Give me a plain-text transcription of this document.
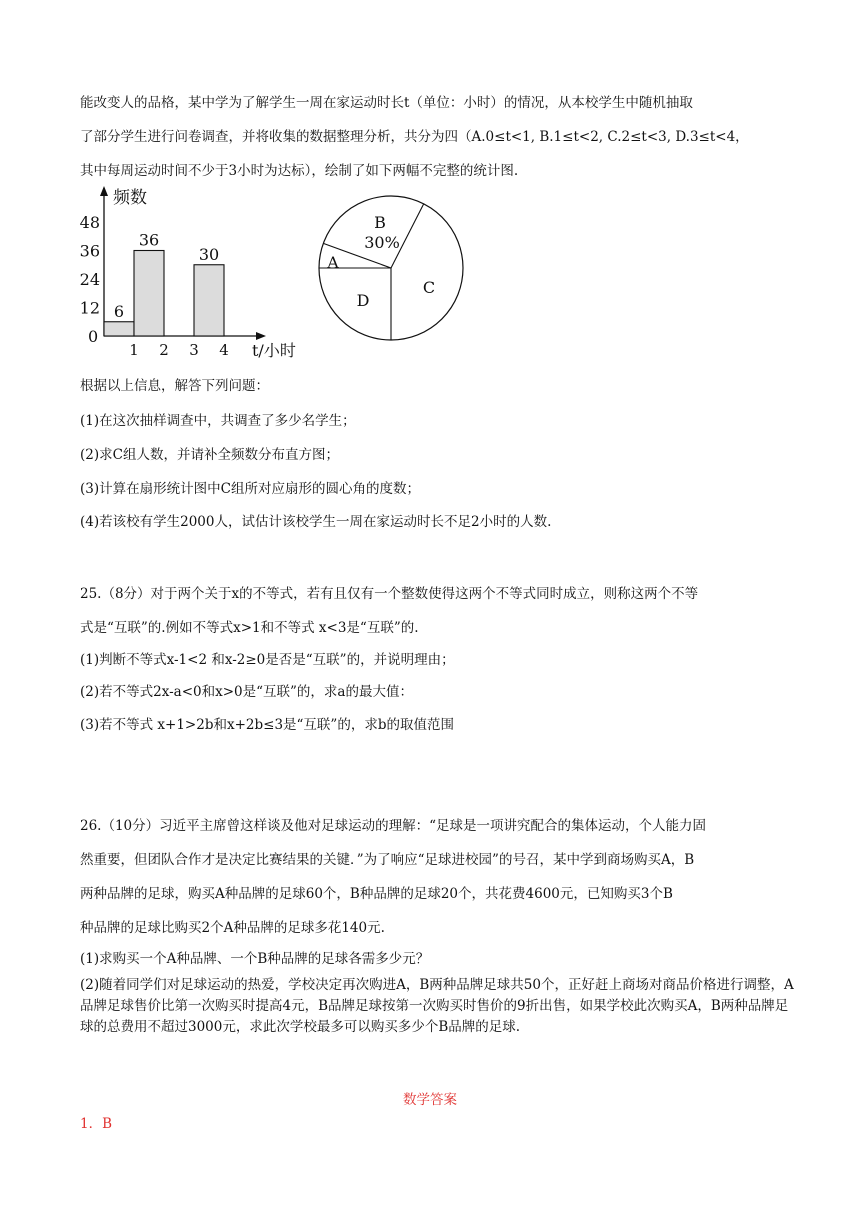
能改变人的品格，某中学为了解学生一周在家运动时长t（单位：小时）的情况，从本校学生中随机抽取
了部分学生进行问卷调查，并将收集的数据整理分析，共分为四（A.0≤t<1, B.1≤t<2, C.2≤t<3, D.3≤t<4，
其中每周运动时间不少于3小时为达标），绘制了如下两幅不完整的统计图.
频数
0
12
24
36
48
1 2 3 4 t/小时
6
36
30
B
30%
A
D
C
根据以上信息，解答下列问题：
(1)在这次抽样调查中，共调查了多少名学生；
(2)求C组人数，并请补全频数分布直方图；
(3)计算在扇形统计图中C组所对应扇形的圆心角的度数；
(4)若该校有学生2000人，试估计该校学生一周在家运动时长不足2小时的人数.
25.（8分）对于两个关于x的不等式，若有且仅有一个整数使得这两个不等式同时成立，则称这两个不等
式是“互联”的.例如不等式x>1和不等式 x<3是“互联”的.
(1)判断不等式x-1<2 和x-2≥0是否是“互联”的，并说明理由；
(2)若不等式2x-a<0和x>0是“互联”的，求a的最大值：
(3)若不等式 x+1>2b和x+2b≤3是“互联”的，求b的取值范围
26.（10分）习近平主席曾这样谈及他对足球运动的理解：“足球是一项讲究配合的集体运动，个人能力固
然重要，但团队合作才是决定比赛结果的关键．”为了响应“足球进校园”的号召，某中学到商场购买A，B
两种品牌的足球，购买A种品牌的足球60个，B种品牌的足球20个，共花费4600元，已知购买3个B
种品牌的足球比购买2个A种品牌的足球多花140元.
(1)求购买一个A种品牌、一个B种品牌的足球各需多少元？
(2)随着同学们对足球运动的热爱，学校决定再次购进A，B两种品牌足球共50个，正好赶上商场对商品价格进行调整，A品牌足球售价比第一次购买时提高4元，B品牌足球按第一次购买时售价的9折出售，如果学校此次购买A，B两种品牌足球的总费用不超过3000元，求此次学校最多可以购买多少个B品牌的足球.
数学答案
1．B
